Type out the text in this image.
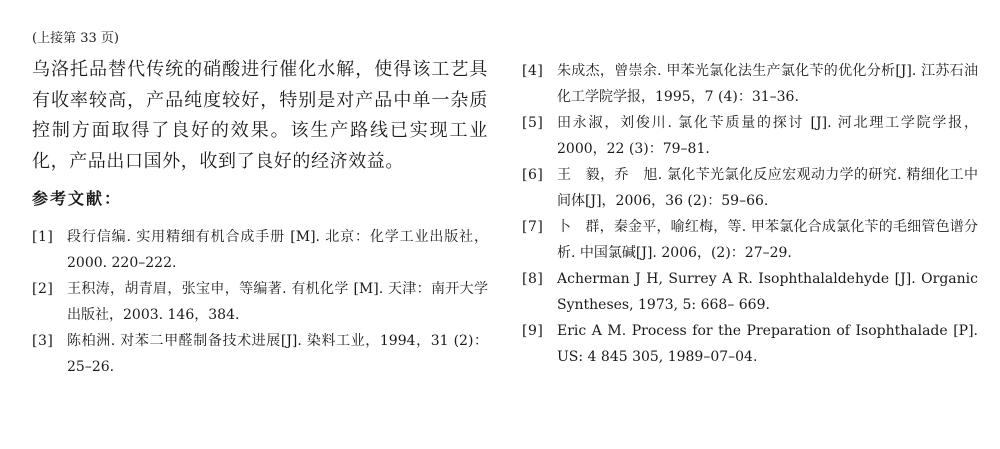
(上接第 33 页)

乌洛托品替代传统的硝酸进行催化水解，使得该工艺具有收率较高，产品纯度较好，特别是对产品中单一杂质控制方面取得了良好的效果。该生产路线已实现工业化，产品出口国外，收到了良好的经济效益。

参考文献：
[1] 段行信编. 实用精细有机合成手册 [M]. 北京：化学工业出版社，2000. 220–222.
[2] 王积涛，胡青眉，张宝申，等编著. 有机化学 [M]. 天津：南开大学出版社，2003. 146，384.
[3] 陈柏洲. 对苯二甲醛制备技术进展[J]. 染料工业，1994，31 (2)：25–26.
[4] 朱成杰，曾崇余. 甲苯光氯化法生产氯化苄的优化分析[J]. 江苏石油化工学院学报，1995，7 (4)：31–36.
[5] 田永淑，刘俊川. 氯化苄质量的探讨 [J]. 河北理工学院学报，2000，22 (3)：79–81.
[6] 王　毅，乔　旭. 氯化苄光氯化反应宏观动力学的研究. 精细化工中间体[J]，2006，36 (2)：59–66.
[7] 卜　群，秦金平，喻红梅，等. 甲苯氯化合成氯化苄的毛细管色谱分析. 中国氯碱[J]. 2006，(2)：27–29.
[8] Acherman J H, Surrey A R. Isophthalaldehyde [J]. Organic Syntheses, 1973, 5: 668– 669.
[9] Eric A M. Process for the Preparation of Isophthalade [P]. US: 4 845 305, 1989–07–04.
